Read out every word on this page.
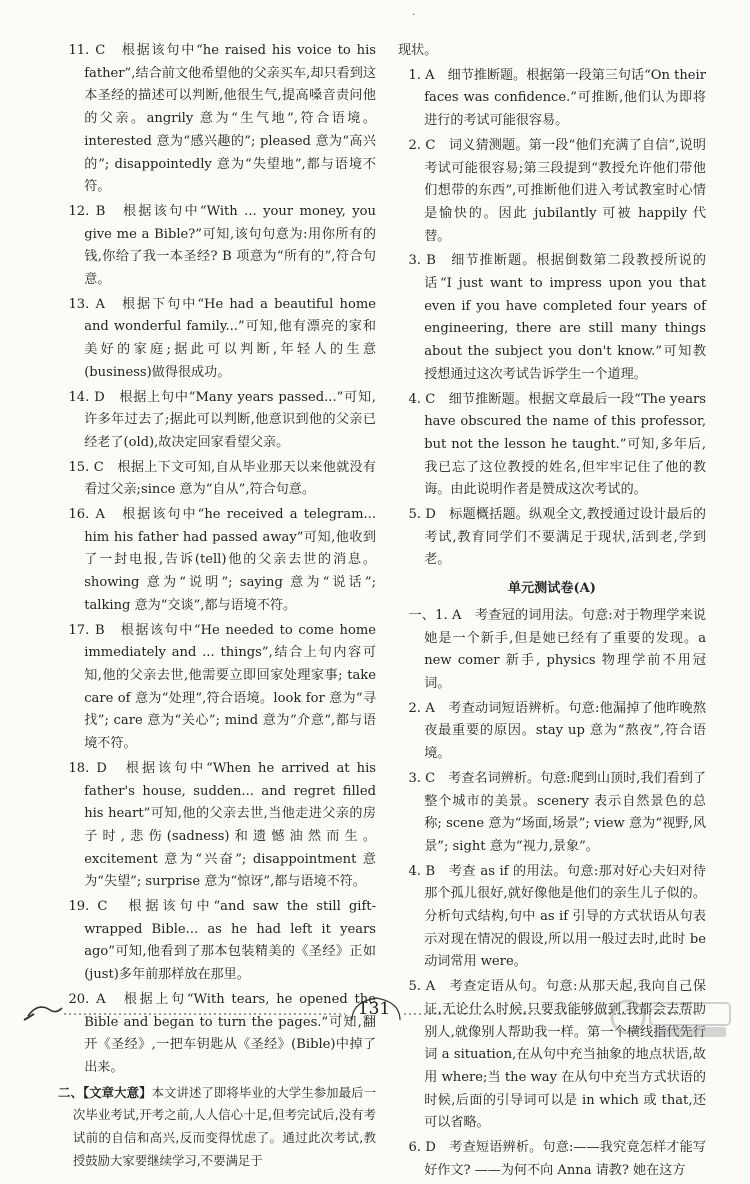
·
11. C　根据该句中“he raised his voice to his father”,结合前文他希望他的父亲买车,却只看到这本圣经的描述可以判断,他很生气,提高嗓音责问他的父亲。angrily 意为“生气地”,符合语境。interested 意为“感兴趣的”; pleased 意为“高兴的”; disappointedly 意为“失望地”,都与语境不符。
12. B　根据该句中“With ... your money, you give me a Bible?”可知,该句句意为:用你所有的钱,你给了我一本圣经? B 项意为“所有的”,符合句意。
13. A　根据下句中“He had a beautiful home and wonderful family...”可知,他有漂亮的家和美好的家庭;据此可以判断,年轻人的生意(business)做得很成功。
14. D　根据上句中“Many years passed...”可知,许多年过去了;据此可以判断,他意识到他的父亲已经老了(old),故决定回家看望父亲。
15. C　根据上下文可知,自从毕业那天以来他就没有看过父亲;since 意为“自从”,符合句意。
16. A　根据该句中“he received a telegram... him his father had passed away”可知,他收到了一封电报,告诉(tell)他的父亲去世的消息。showing 意为“说明”; saying 意为“说话”; talking 意为“交谈”,都与语境不符。
17. B　根据该句中“He needed to come home immediately and ... things”,结合上句内容可知,他的父亲去世,他需要立即回家处理家事; take care of 意为“处理”,符合语境。look for 意为“寻找”; care 意为“关心”; mind 意为“介意”,都与语境不符。
18. D　根据该句中“When he arrived at his father's house, sudden... and regret filled his heart”可知,他的父亲去世,当他走进父亲的房子时,悲伤(sadness)和遗憾油然而生。excitement 意为“兴奋”; disappointment 意为“失望”; surprise 意为“惊讶”,都与语境不符。
19. C　根据该句中“and saw the still gift-wrapped Bible... as he had left it years ago”可知,他看到了那本包装精美的《圣经》正如(just)多年前那样放在那里。
20. A　根据上句“With tears, he opened the Bible and began to turn the pages.”可知,翻开《圣经》,一把车钥匙从《圣经》(Bible)中掉了出来。
二、【文章大意】本文讲述了即将毕业的大学生参加最后一次毕业考试,开考之前,人人信心十足,但考完试后,没有考试前的自信和高兴,反而变得忧虑了。通过此次考试,教授鼓励大家要继续学习,不要满足于
现状。
1. A　细节推断题。根据第一段第三句话“On their faces was confidence.”可推断,他们认为即将进行的考试可能很容易。
2. C　词义猜测题。第一段“他们充满了自信”,说明考试可能很容易;第三段提到“教授允许他们带他们想带的东西”,可推断他们进入考试教室时心情是愉快的。因此 jubilantly 可被 happily 代替。
3. B　细节推断题。根据倒数第二段教授所说的话“I just want to impress upon you that even if you have completed four years of engineering, there are still many things about the subject you don't know.”可知教授想通过这次考试告诉学生一个道理。
4. C　细节推断题。根据文章最后一段“The years have obscured the name of this professor, but not the lesson he taught.”可知,多年后,我已忘了这位教授的姓名,但牢牢记住了他的教诲。由此说明作者是赞成这次考试的。
5. D　标题概括题。纵观全文,教授通过设计最后的考试,教育同学们不要满足于现状,活到老,学到老。
单元测试卷(A)
一、1. A　考查冠的词用法。句意:对于物理学来说她是一个新手,但是她已经有了重要的发现。a new comer 新手, physics 物理学前不用冠词。
2. A　考查动词短语辨析。句意:他漏掉了他昨晚熬夜最重要的原因。stay up 意为“熬夜”,符合语境。
3. C　考查名词辨析。句意:爬到山顶时,我们看到了整个城市的美景。scenery 表示自然景色的总称; scene 意为“场面,场景”; view 意为“视野,风景”; sight 意为“视力,景象”。
4. B　考查 as if 的用法。句意:那对好心夫妇对待那个孤儿很好,就好像他是他们的亲生儿子似的。分析句式结构,句中 as if 引导的方式状语从句表示对现在情况的假设,所以用一般过去时,此时 be 动词常用 were。
5. A　考查定语从句。句意:从那天起,我向自己保证,无论什么时候,只要我能够做到,我都会去帮助别人,就像别人帮助我一样。第一个横线指代先行词 a situation,在从句中充当抽象的地点状语,故用 where;当 the way 在从句中充当方式状语的时候,后面的引导词可以是 in which 或 that,还可以省略。
6. D　考查短语辨析。句意:——我究竟怎样才能写好作文? ——为何不向 Anna 请教? 她在这方
131
